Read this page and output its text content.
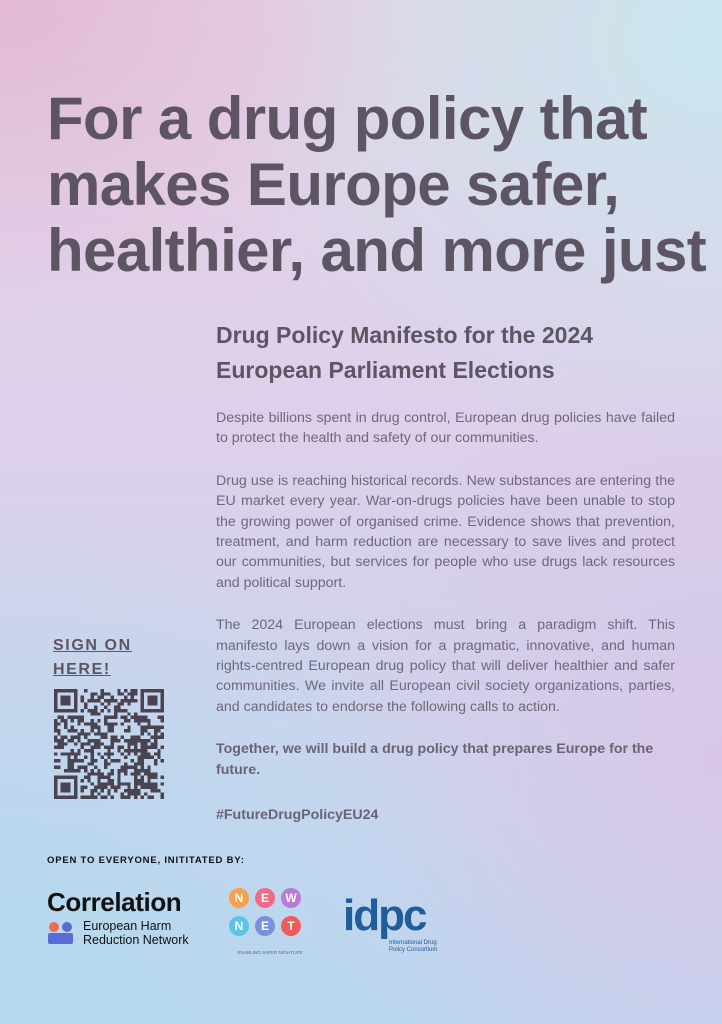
For a drug policy that makes Europe safer, healthier, and more just
Drug Policy Manifesto for the 2024 European Parliament Elections

Despite billions spent in drug control, European drug policies have failed to protect the health and safety of our communities.

Drug use is reaching historical records. New substances are entering the EU market every year. War-on-drugs policies have been unable to stop the growing power of organised crime. Evidence shows that prevention, treatment, and harm reduction are necessary to save lives and protect our communities, but services for people who use drugs lack resources and political support.

The 2024 European elections must bring a paradigm shift. This manifesto lays down a vision for a pragmatic, innovative, and human rights-centred European drug policy that will deliver healthier and safer communities. We invite all European civil society organizations, parties, and candidates to endorse the following calls to action.

Together, we will build a drug policy that prepares Europe for the future.

#FutureDrugPolicyEU24

SIGN ON HERE!

OPEN TO EVERYONE, INITITATED BY:

Correlation
European Harm
Reduction Network
N E W
N E T
ENABLING SAFER NIGHTLIFE
idpc
International Drug
Policy Consortium
